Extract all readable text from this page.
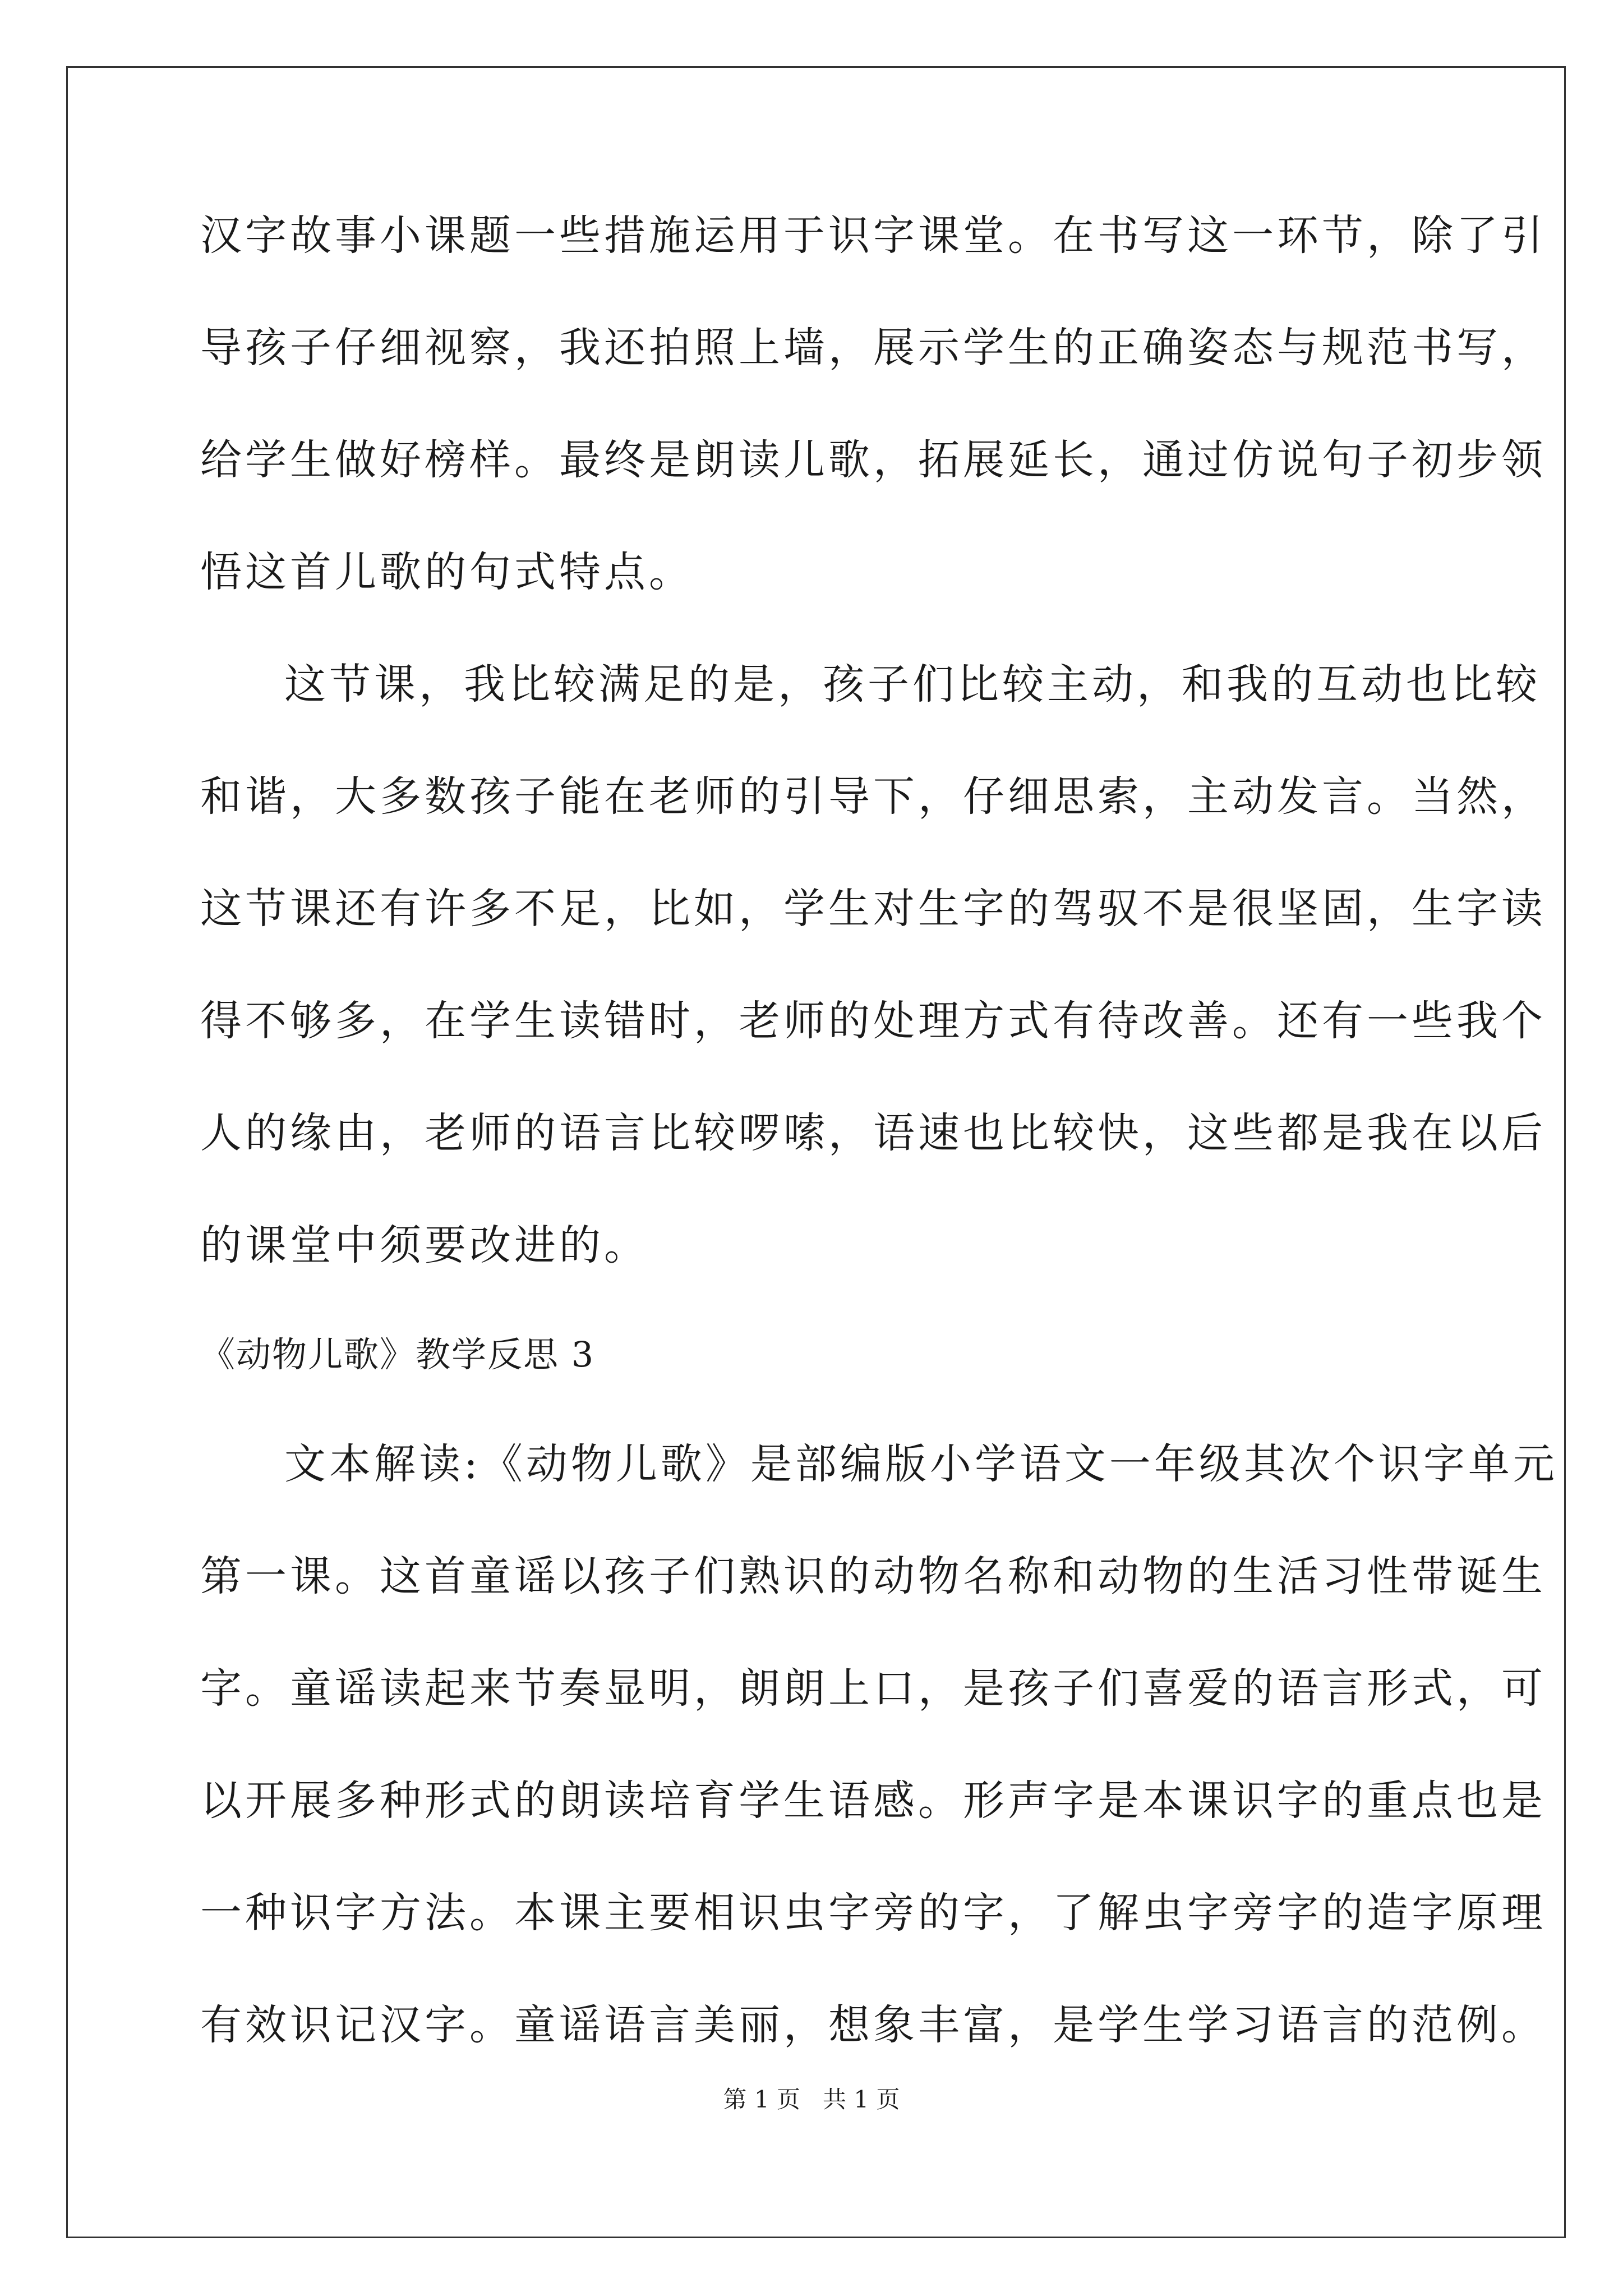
汉字故事小课题一些措施运用于识字课堂。在书写这一环节，除了引
导孩子仔细视察，我还拍照上墙，展示学生的正确姿态与规范书写，
给学生做好榜样。最终是朗读儿歌，拓展延长，通过仿说句子初步领
悟这首儿歌的句式特点。
这节课，我比较满足的是，孩子们比较主动，和我的互动也比较
和谐，大多数孩子能在老师的引导下，仔细思索，主动发言。当然，
这节课还有许多不足，比如，学生对生字的驾驭不是很坚固，生字读
得不够多，在学生读错时，老师的处理方式有待改善。还有一些我个
人的缘由，老师的语言比较啰嗦，语速也比较快，这些都是我在以后
的课堂中须要改进的。
《动物儿歌》教学反思 3
文本解读:《动物儿歌》是部编版小学语文一年级其次个识字单元
第一课。这首童谣以孩子们熟识的动物名称和动物的生活习性带诞生
字。童谣读起来节奏显明，朗朗上口，是孩子们喜爱的语言形式，可
以开展多种形式的朗读培育学生语感。形声字是本课识字的重点也是
一种识字方法。本课主要相识虫字旁的字，了解虫字旁字的造字原理
有效识记汉字。童谣语言美丽，想象丰富，是学生学习语言的范例。
第 1 页   共 1 页
